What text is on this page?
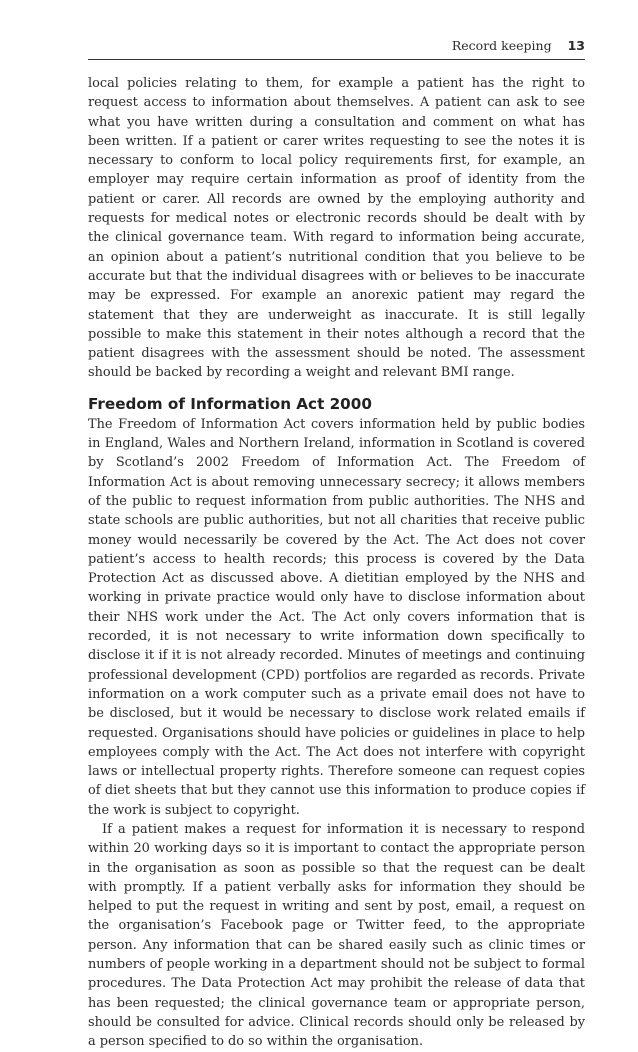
Record keeping 13

local policies relating to them, for example a patient has the right to request access to information about themselves. A patient can ask to see what you have written during a consultation and comment on what has been written. If a patient or carer writes requesting to see the notes it is necessary to conform to local policy requirements first, for example, an employer may require certain information as proof of identity from the patient or carer. All records are owned by the employing authority and requests for medical notes or electronic records should be dealt with by the clinical governance team. With regard to information being accurate, an opinion about a patient’s nutritional condition that you believe to be accurate but that the individual disagrees with or believes to be inaccurate may be expressed. For example an anorexic patient may regard the statement that they are underweight as inaccurate. It is still legally possible to make this statement in their notes although a record that the patient disagrees with the assessment should be noted. The assessment should be backed by recording a weight and relevant BMI range.

Freedom of Information Act 2000

The Freedom of Information Act covers information held by public bodies in England, Wales and Northern Ireland, information in Scotland is covered by Scotland’s 2002 Freedom of Information Act. The Freedom of Information Act is about removing unnecessary secrecy; it allows members of the public to request information from public authorities. The NHS and state schools are public authorities, but not all charities that receive public money would necessarily be covered by the Act. The Act does not cover patient’s access to health records; this process is covered by the Data Protection Act as discussed above. A dietitian employed by the NHS and working in private practice would only have to disclose information about their NHS work under the Act. The Act only covers information that is recorded, it is not necessary to write information down specifically to disclose it if it is not already recorded. Minutes of meetings and continuing professional development (CPD) portfolios are regarded as records. Private information on a work computer such as a private email does not have to be disclosed, but it would be necessary to disclose work related emails if requested. Organisations should have policies or guidelines in place to help employees comply with the Act. The Act does not interfere with copyright laws or intellectual property rights. Therefore someone can request copies of diet sheets that but they cannot use this information to produce copies if the work is subject to copyright.

If a patient makes a request for information it is necessary to respond within 20 working days so it is important to contact the appropriate person in the organisation as soon as possible so that the request can be dealt with promptly. If a patient verbally asks for information they should be helped to put the request in writing and sent by post, email, a request on the organisation’s Facebook page or Twitter feed, to the appropriate person. Any information that can be shared easily such as clinic times or numbers of people working in a department should not be subject to formal procedures. The Data Protection Act may prohibit the release of data that has been requested; the clinical governance team or appropriate person, should be consulted for advice. Clinical records should only be released by a person specified to do so within the organisation.
